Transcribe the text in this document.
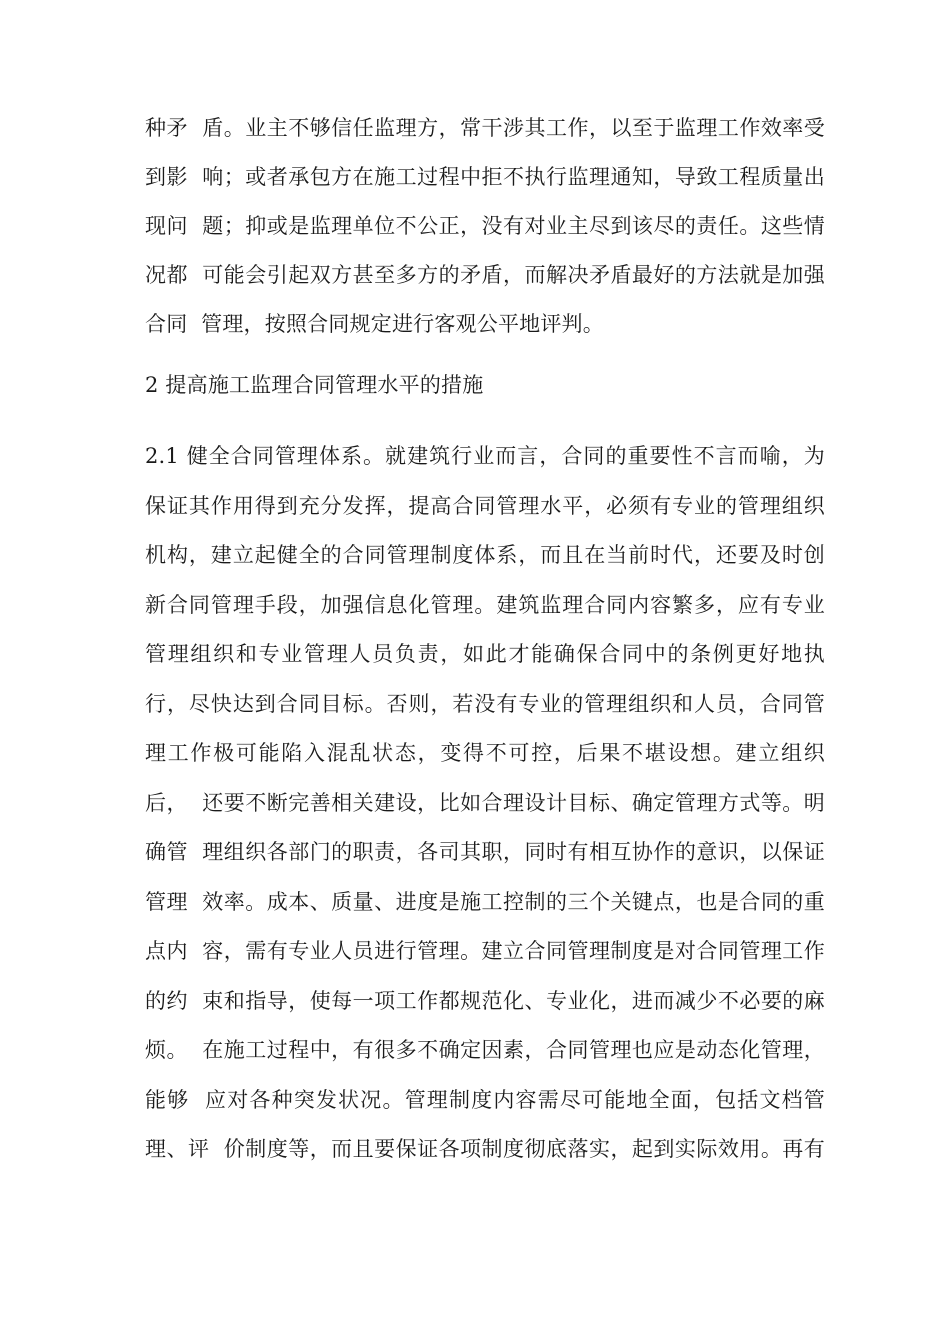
种矛  盾。业主不够信任监理方，常干涉其工作，以至于监理工作效率受
到影  响；或者承包方在施工过程中拒不执行监理通知，导致工程质量出
现问  题；抑或是监理单位不公正，没有对业主尽到该尽的责任。这些情
况都  可能会引起双方甚至多方的矛盾，而解决矛盾最好的方法就是加强
合同  管理，按照合同规定进行客观公平地评判。
2 提高施工监理合同管理水平的措施
2.1 健全合同管理体系。就建筑行业而言，合同的重要性不言而喻，为
保证其作用得到充分发挥，提高合同管理水平，必须有专业的管理组织
机构，建立起健全的合同管理制度体系，而且在当前时代，还要及时创
新合同管理手段，加强信息化管理。建筑监理合同内容繁多，应有专业
管理组织和专业管理人员负责，如此才能确保合同中的条例更好地执
行，尽快达到合同目标。否则，若没有专业的管理组织和人员，合同管
理工作极可能陷入混乱状态，变得不可控，后果不堪设想。建立组织
后，  还要不断完善相关建设，比如合理设计目标、确定管理方式等。明
确管  理组织各部门的职责，各司其职，同时有相互协作的意识，以保证
管理  效率。成本、质量、进度是施工控制的三个关键点，也是合同的重
点内  容，需有专业人员进行管理。建立合同管理制度是对合同管理工作
的约  束和指导，使每一项工作都规范化、专业化，进而减少不必要的麻
烦。  在施工过程中，有很多不确定因素，合同管理也应是动态化管理，
能够  应对各种突发状况。管理制度内容需尽可能地全面，包括文档管
理、评  价制度等，而且要保证各项制度彻底落实，起到实际效用。再有
